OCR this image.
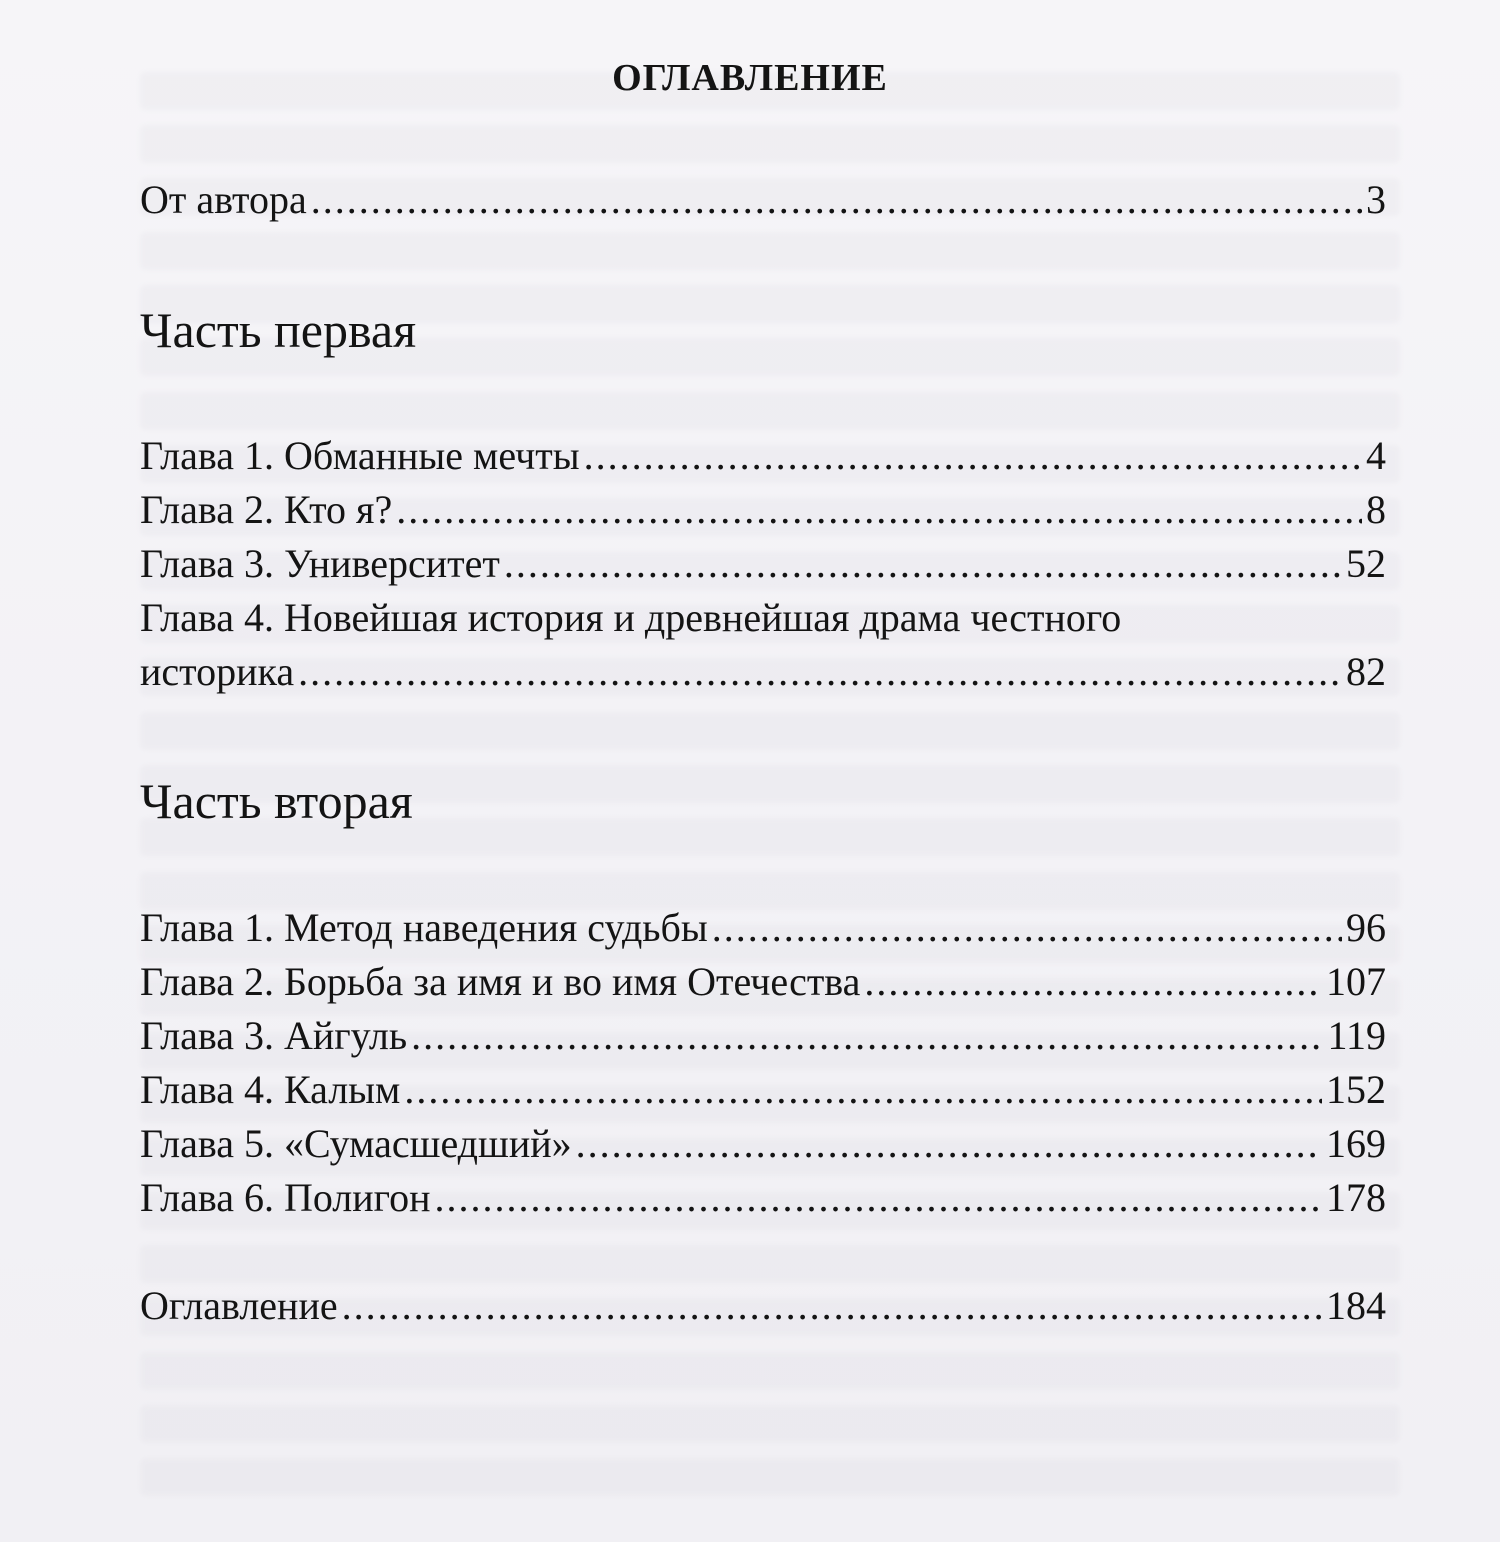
ОГЛАВЛЕНИЕ
От автора .....	3
Часть первая
Глава 1. Обманные мечты .....	4
Глава 2. Кто я? .....	8
Глава 3. Университет .....	52
Глава 4. Новейшая история и древнейшая драма честного
историка .....	82
Часть вторая
Глава 1. Метод наведения судьбы .....	96
Глава 2. Борьба за имя и во имя Отечества .....	107
Глава 3. Айгуль .....	119
Глава 4. Калым .....	152
Глава 5. «Сумасшедший» .....	169
Глава 6. Полигон .....	178
Оглавление .....	184
